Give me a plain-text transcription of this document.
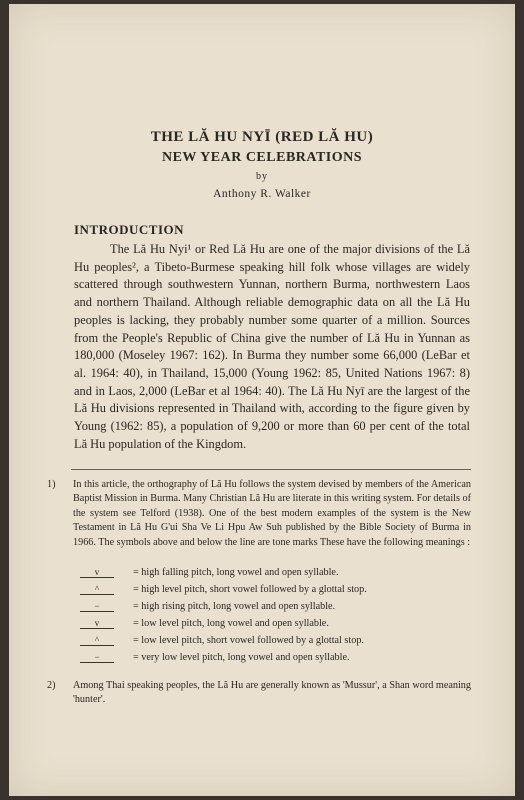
THE LĂ HU NYĪ (RED LĂ HU)
NEW YEAR CELEBRATIONS
by
Anthony R. Walker
INTRODUCTION

The Lă Hu Nyi¹ or Red Lă Hu are one of the major divisions of the Lă Hu peoples², a Tibeto-Burmese speaking hill folk whose villages are widely scattered through southwestern Yunnan, northern Burma, northwestern Laos and northern Thailand. Although reliable demographic data on all the Lă Hu peoples is lacking, they probably number some quarter of a million. Sources from the People's Republic of China give the number of Lă Hu in Yunnan as 180,000 (Moseley 1967: 162). In Burma they number some 66,000 (LeBar et al. 1964: 40), in Thailand, 15,000 (Young 1962: 85, United Nations 1967: 8) and in Laos, 2,000 (LeBar et al 1964: 40). The Lă Hu Nyī are the largest of the Lă Hu divisions represented in Thailand with, according to the figure given by Young (1962: 85), a population of 9,200 or more than 60 per cent of the total Lă Hu population of the Kingdom.

1)	In this article, the orthography of Lă Hu follows the system devised by members of the American Baptist Mission in Burma. Many Christian Lă Hu are literate in this writing system. For details of the system see Telford (1938). One of the best modern examples of the system is the New Testament in Lă Hu G'ui Sha Ve Li Hpu Aw Suh published by the Bible Society of Burma in 1966. The symbols above and below the line are tone marks These have the following meanings :
v	= high falling pitch, long vowel and open syllable.
^	= high level pitch, short vowel followed by a glottal stop.
−	= high rising pitch, long vowel and open syllable.
v	= low level pitch, long vowel and open syllable.
^	= low level pitch, short vowel followed by a glottal stop.
−	= very low level pitch, long vowel and open syllable.
2)	Among Thai speaking peoples, the Lă Hu are generally known as 'Mussur', a Shan word meaning 'hunter'.
